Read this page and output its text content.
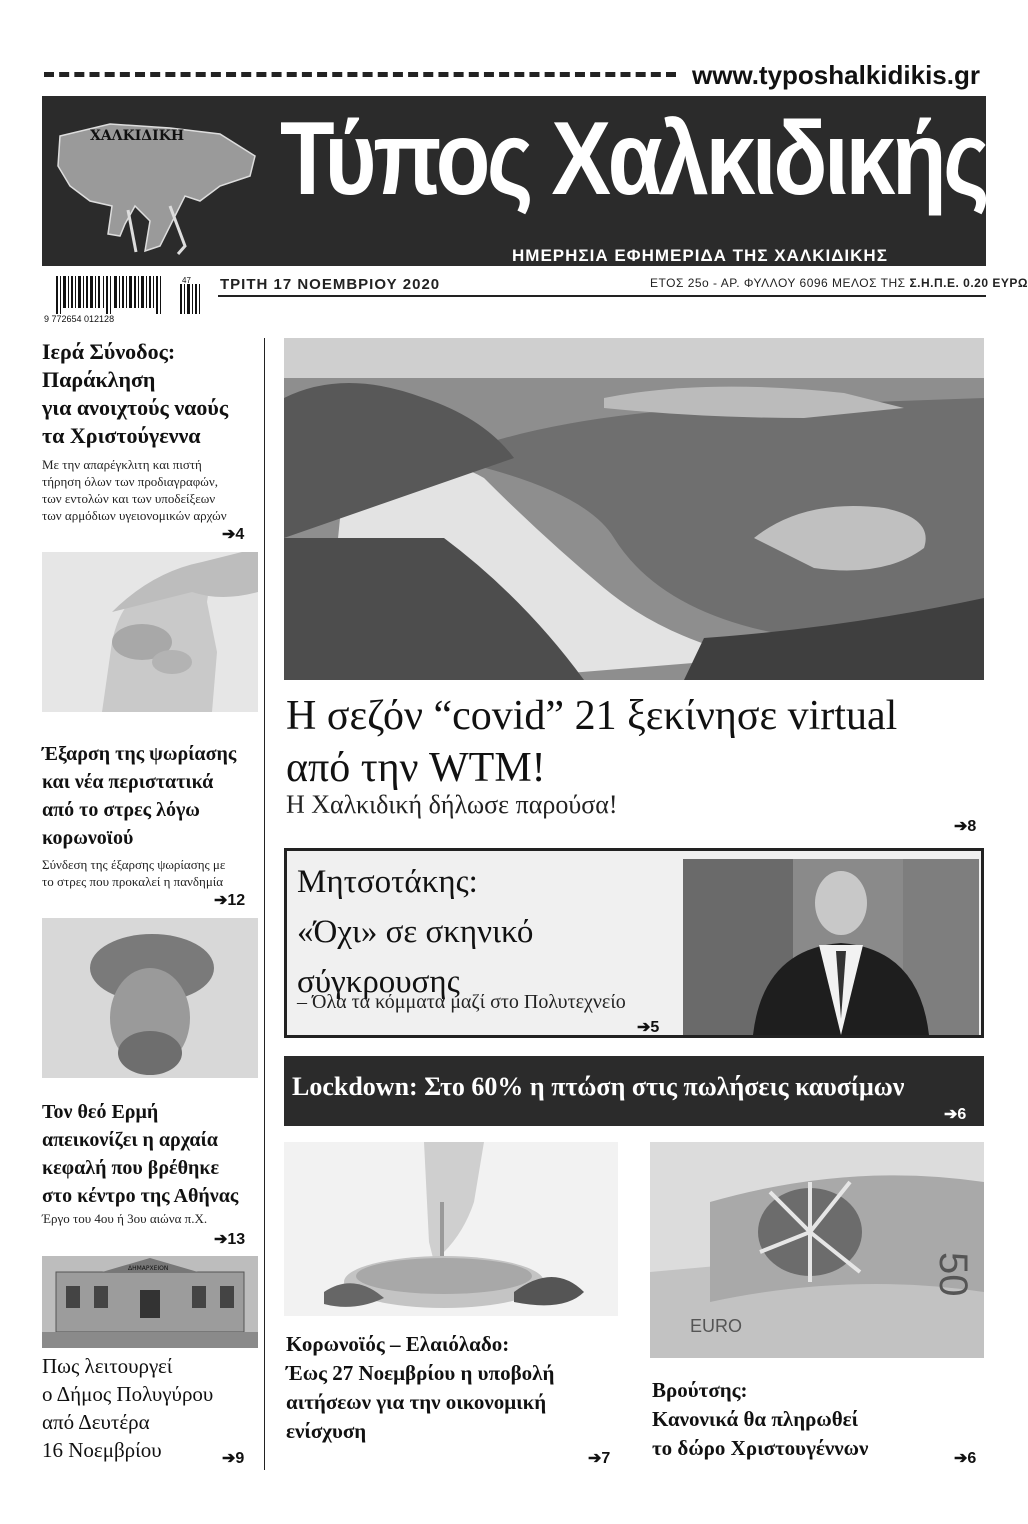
www.typoshalkidikis.gr
ΧΑΛΚΙΔΙΚΗ Τύπος Χαλκιδικής
ΗΜΕΡΗΣΙΑ ΕΦΗΜΕΡΙΔΑ ΤΗΣ ΧΑΛΚΙΔΙΚΗΣ
9 772654 012128
47 ΤΡΙΤΗ 17 ΝΟΕΜΒΡΙΟΥ 2020	ΕΤΟΣ 25ο - ΑΡ. ΦΥΛΛΟΥ 6096 ΜΕΛΟΣ ΤΗΣ Σ.Η.Π.Ε. 0.20 ΕΥΡΩ
Ιερά Σύνοδος:
Παράκληση
για ανοιχτούς ναούς
τα Χριστούγεννα
Με την απαρέγκλιτη και πιστή
τήρηση όλων των προδιαγραφών,
των εντολών και των υποδείξεων
των αρμόδιων υγειονομικών αρχών
➔4
Έξαρση της ψωρίασης
και νέα περιστατικά
από το στρες λόγω
κορωνοϊού
Σύνδεση της έξαρσης ψωρίασης με
το στρες που προκαλεί η πανδημία
➔12
Τον θεό Ερμή
απεικονίζει η αρχαία
κεφαλή που βρέθηκε
στο κέντρο της Αθήνας
Έργο του 4ου ή 3ου αιώνα π.Χ.
➔13
ΔΗΜΑΡΧΕΙΟΝ
Πως λειτουργεί
ο Δήμος Πολυγύρου
από Δευτέρα
16 Νοεμβρίου	➔9
Η σεζόν “covid” 21 ξεκίνησε virtual
από την WTM!
Η Χαλκιδική δήλωσε παρούσα!
➔8
Μητσοτάκης:
«Όχι» σε σκηνικό
σύγκρουσης
– Όλα τα κόμματα μαζί στο Πολυτεχνείο
➔5
Lockdown: Στο 60% η πτώση στις πωλήσεις καυσίμων
➔6
Κορωνοϊός – Ελαιόλαδο:
Έως 27 Νοεμβρίου η υποβολή
αιτήσεων για την οικονομική
ενίσχυση
➔7
50
EURO
Βρούτσης:
Κανονικά θα πληρωθεί
το δώρο Χριστουγέννων	➔6
